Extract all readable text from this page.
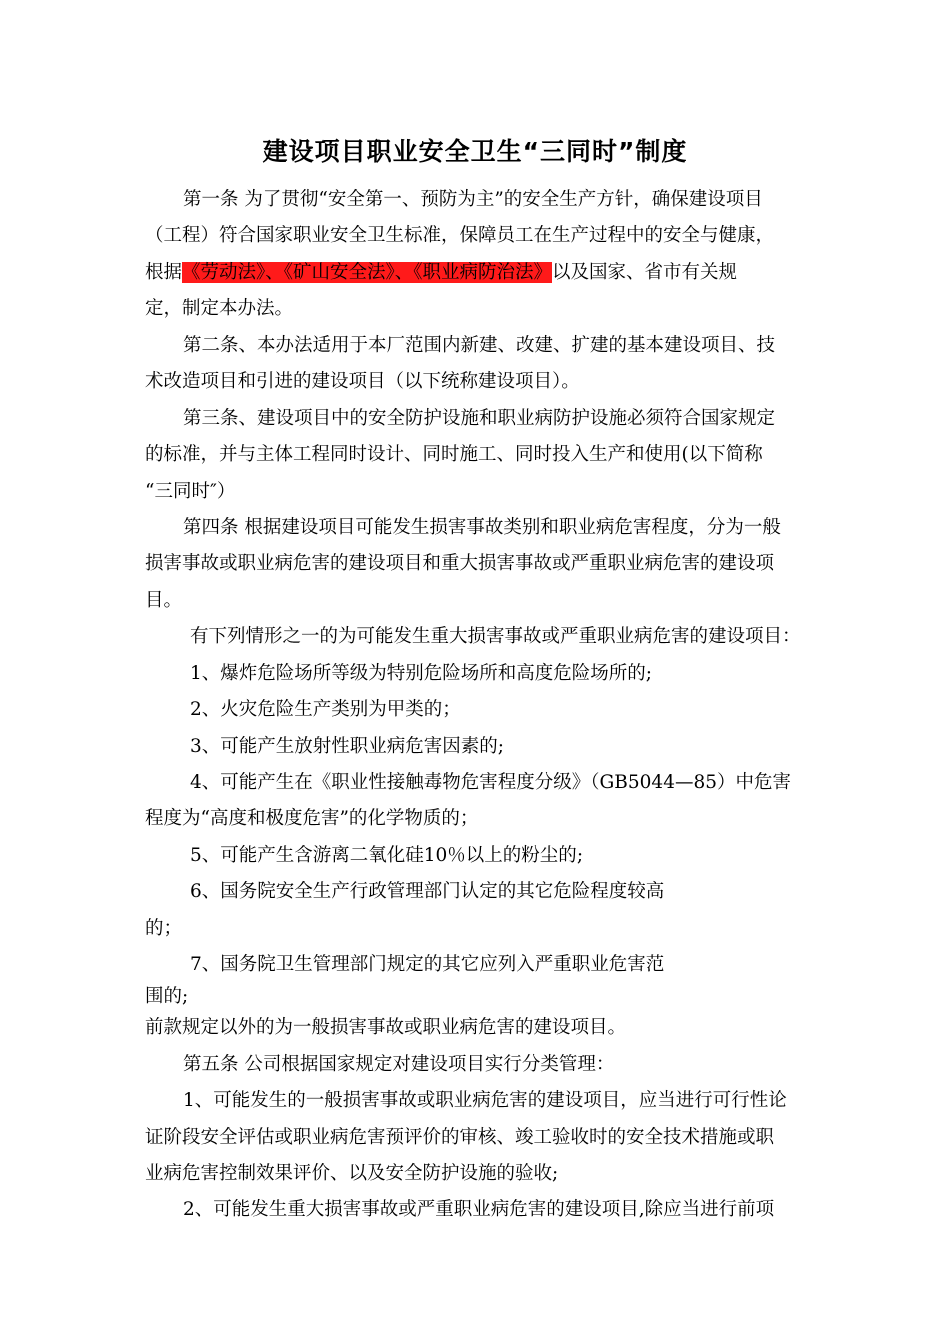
建设项目职业安全卫生“三同时”制度
第一条 为了贯彻“安全第一、预防为主”的安全生产方针，确保建设项目
（工程）符合国家职业安全卫生标准，保障员工在生产过程中的安全与健康，
根据《劳动法》、《矿山安全法》、《职业病防治法》以及国家、省市有关规
定，制定本办法。
第二条、本办法适用于本厂范围内新建、改建、扩建的基本建设项目、技
术改造项目和引进的建设项目（以下统称建设项目）。
第三条、建设项目中的安全防护设施和职业病防护设施必须符合国家规定
的标准，并与主体工程同时设计、同时施工、同时投入生产和使用(以下简称
“三同时″）
第四条 根据建设项目可能发生损害事故类别和职业病危害程度，分为一般
损害事故或职业病危害的建设项目和重大损害事故或严重职业病危害的建设项
目。
有下列情形之一的为可能发生重大损害事故或严重职业病危害的建设项目：
1、爆炸危险场所等级为特别危险场所和高度危险场所的;
2、火灾危险生产类别为甲类的；
3、可能产生放射性职业病危害因素的;
4、可能产生在《职业性接触毒物危害程度分级》（GB5044—85）中危害
程度为“高度和极度危害”的化学物质的；
5、可能产生含游离二氧化硅10％以上的粉尘的;
6、国务院安全生产行政管理部门认定的其它危险程度较高
的；
7、国务院卫生管理部门规定的其它应列入严重职业危害范
围的;
前款规定以外的为一般损害事故或职业病危害的建设项目。
第五条 公司根据国家规定对建设项目实行分类管理：
1、可能发生的一般损害事故或职业病危害的建设项目，应当进行可行性论
证阶段安全评估或职业病危害预评价的审核、竣工验收时的安全技术措施或职
业病危害控制效果评价、以及安全防护设施的验收;
2、可能发生重大损害事故或严重职业病危害的建设项目,除应当进行前项
